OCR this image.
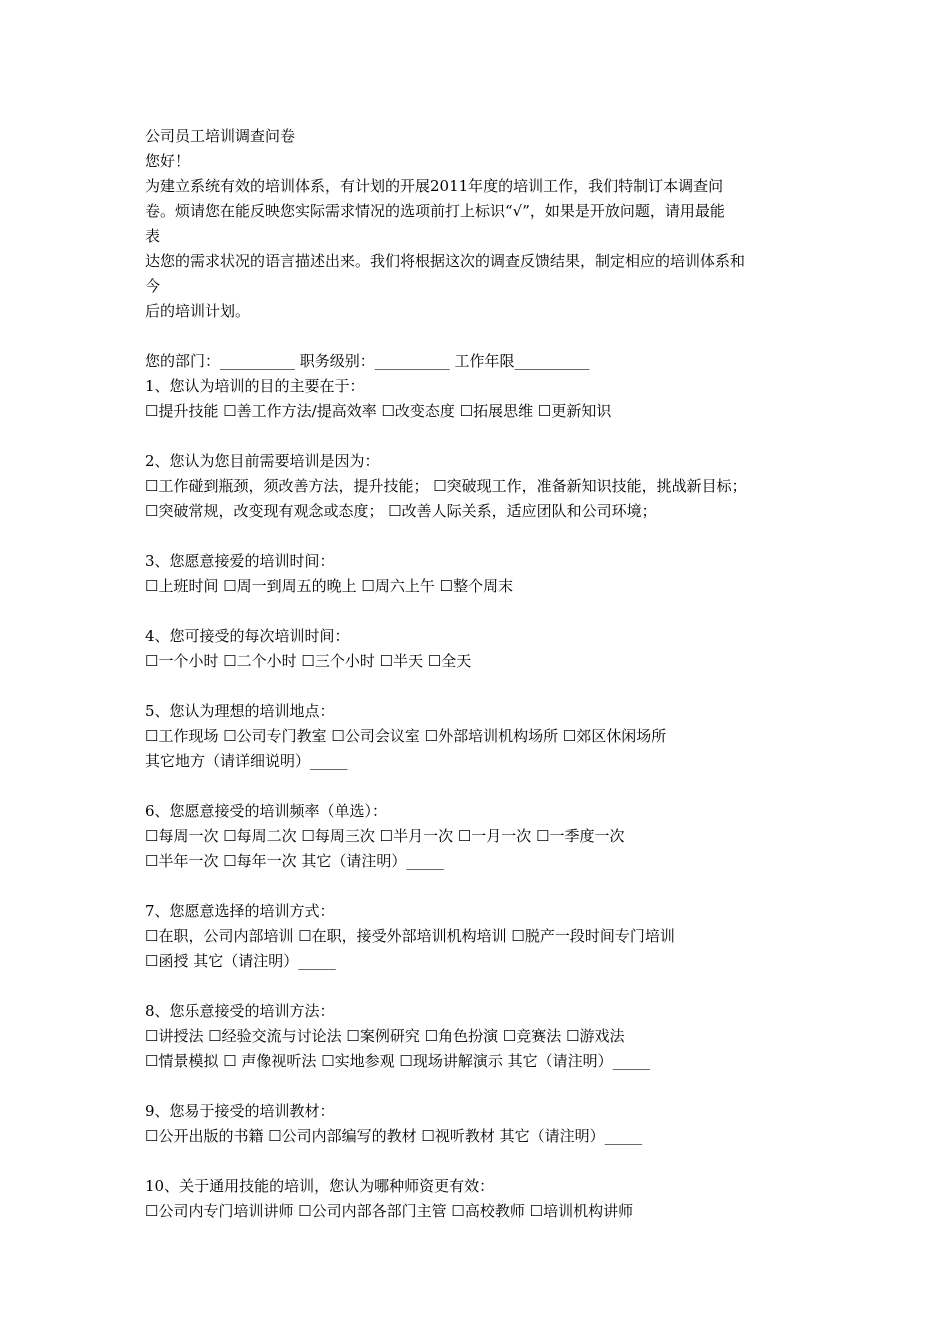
公司员工培训调查问卷
您好！
为建立系统有效的培训体系，有计划的开展2011年度的培训工作，我们特制订本调查问
卷。烦请您在能反映您实际需求情况的选项前打上标识“√”，如果是开放问题，请用最能
表
达您的需求状况的语言描述出来。我们将根据这次的调查反馈结果，制定相应的培训体系和
今
后的培训计划。
您的部门：__________ 职务级别：__________ 工作年限__________
1、您认为培训的目的主要在于：
☐提升技能 ☐善工作方法/提高效率 ☐改变态度 ☐拓展思维 ☐更新知识
2、您认为您目前需要培训是因为：
☐工作碰到瓶颈，须改善方法，提升技能； ☐突破现工作，准备新知识技能，挑战新目标；
☐突破常规，改变现有观念或态度； ☐改善人际关系，适应团队和公司环境；
3、您愿意接爱的培训时间：
☐上班时间 ☐周一到周五的晚上 ☐周六上午 ☐整个周末
4、您可接受的每次培训时间：
☐一个小时 ☐二个小时 ☐三个小时 ☐半天 ☐全天
5、您认为理想的培训地点：
☐工作现场 ☐公司专门教室 ☐公司会议室 ☐外部培训机构场所 ☐郊区休闲场所
其它地方（请详细说明）_____
6、您愿意接受的培训频率（单选）：
☐每周一次 ☐每周二次 ☐每周三次 ☐半月一次 ☐一月一次 ☐一季度一次
☐半年一次 ☐每年一次 其它（请注明）_____
7、您愿意选择的培训方式：
☐在职，公司内部培训 ☐在职，接受外部培训机构培训 ☐脱产一段时间专门培训
☐函授 其它（请注明）_____
8、您乐意接受的培训方法：
☐讲授法 ☐经验交流与讨论法 ☐案例研究 ☐角色扮演 ☐竞赛法 ☐游戏法
☐情景模拟 ☐ 声像视听法 ☐实地参观 ☐现场讲解演示 其它（请注明）_____
9、您易于接受的培训教材：
☐公开出版的书籍 ☐公司内部编写的教材 ☐视听教材 其它（请注明）_____
10、关于通用技能的培训，您认为哪种师资更有效：
☐公司内专门培训讲师 ☐公司内部各部门主管 ☐高校教师 ☐培训机构讲师
